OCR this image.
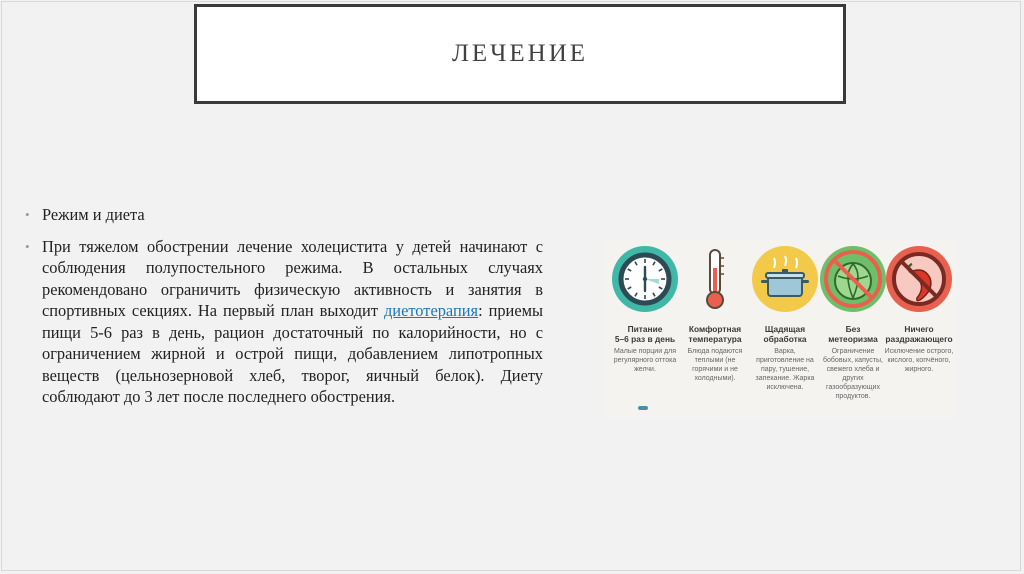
ЛЕЧЕНИЕ
• Режим и диета
• При тяжелом обострении лечение холецистита у детей начинают с соблюдения полупостельного режима. В остальных случаях рекомендовано ограничить физическую активность и занятия в спортивных секциях. На первый план выходит диетотерапия: приемы пищи 5-6 раз в день, рацион достаточный по калорийности, но с ограничением жирной и острой пищи, добавлением липотропных веществ (цельнозерновой хлеб, творог, яичный белок). Диету соблюдают до 3 лет после последнего обострения.
Питание
5–6 раз в день
Малые порции для регулярного оттока желчи.
Комфортная
температура
Блюда подаются теплыми (не горячими и не холодными).
Щадящая
обработка
Варка, приготовление на пару, тушение, запекание. Жарка исключена.
Без
метеоризма
Ограничение бобовых, капусты, свежего хлеба и других газообразующих продуктов.
Ничего
раздражающего
Исключение острого, кислого, копчёного, жирного.
